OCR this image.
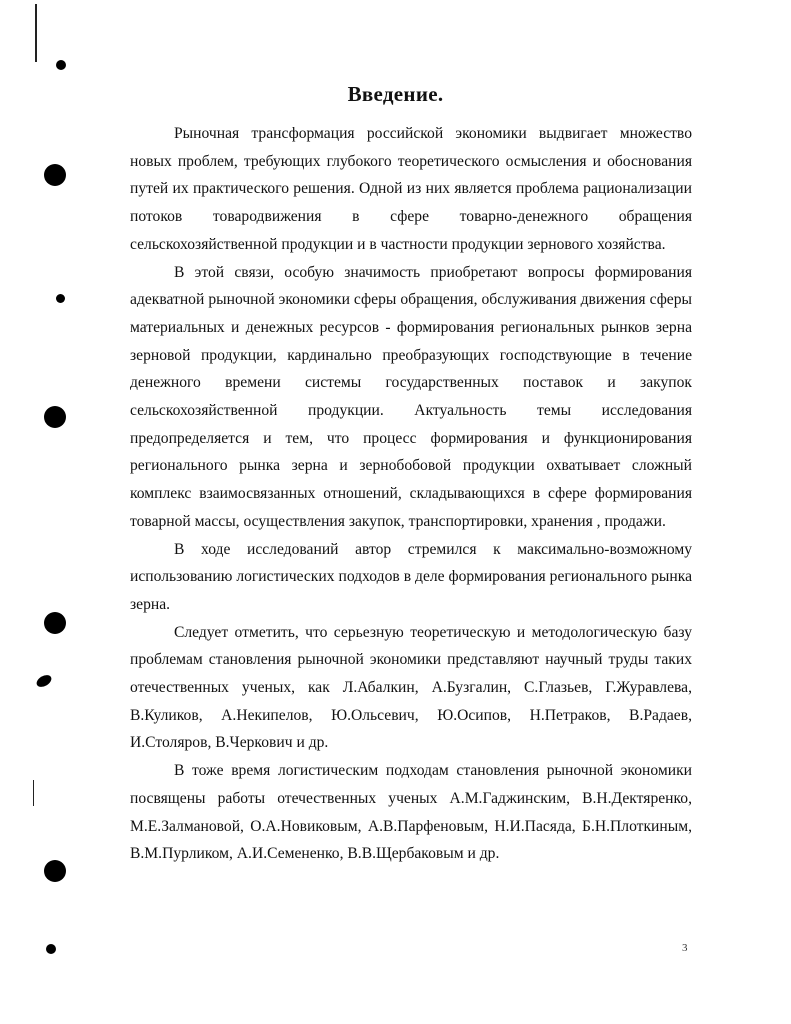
Введение.

Рыночная трансформация российской экономики выдвигает множество новых проблем, требующих глубокого теоретического осмысления и обоснования путей их практического решения. Одной из них является проблема рационализации потоков товародвижения в сфере товарно-денежного обращения сельскохозяйственной продукции и в частности продукции зернового хозяйства.

В этой связи, особую значимость приобретают вопросы формирования адекватной рыночной экономики сферы обращения, обслуживания движения сферы материальных и денежных ресурсов - формирования региональных рынков зерна зерновой продукции, кардинально преобразующих господствующие в течение денежного времени системы государственных поставок и закупок сельскохозяйственной продукции. Актуальность темы исследования предопределяется и тем, что процесс формирования и функционирования регионального рынка зерна и зернобобовой продукции охватывает сложный комплекс взаимосвязанных отношений, складывающихся в сфере формирования товарной массы, осуществления закупок, транспортировки, хранения , продажи.

В ходе исследований автор стремился к максимально-возможному использованию логистических подходов в деле формирования регионального рынка зерна.

Следует отметить, что серьезную теоретическую и методологическую базу проблемам становления рыночной экономики представляют научный труды таких отечественных ученых, как Л.Абалкин, А.Бузгалин, С.Глазьев, Г.Журавлева, В.Куликов, А.Некипелов, Ю.Ольсевич, Ю.Осипов, Н.Петраков, В.Радаев, И.Столяров, В.Черкович и др.

В тоже время логистическим подходам становления рыночной экономики посвящены работы отечественных ученых А.М.Гаджинским, В.Н.Дектяренко, М.Е.Залмановой, О.А.Новиковым, А.В.Парфеновым, Н.И.Пасяда, Б.Н.Плоткиным, В.М.Пурликом, А.И.Семененко, В.В.Щербаковым и др.

3
